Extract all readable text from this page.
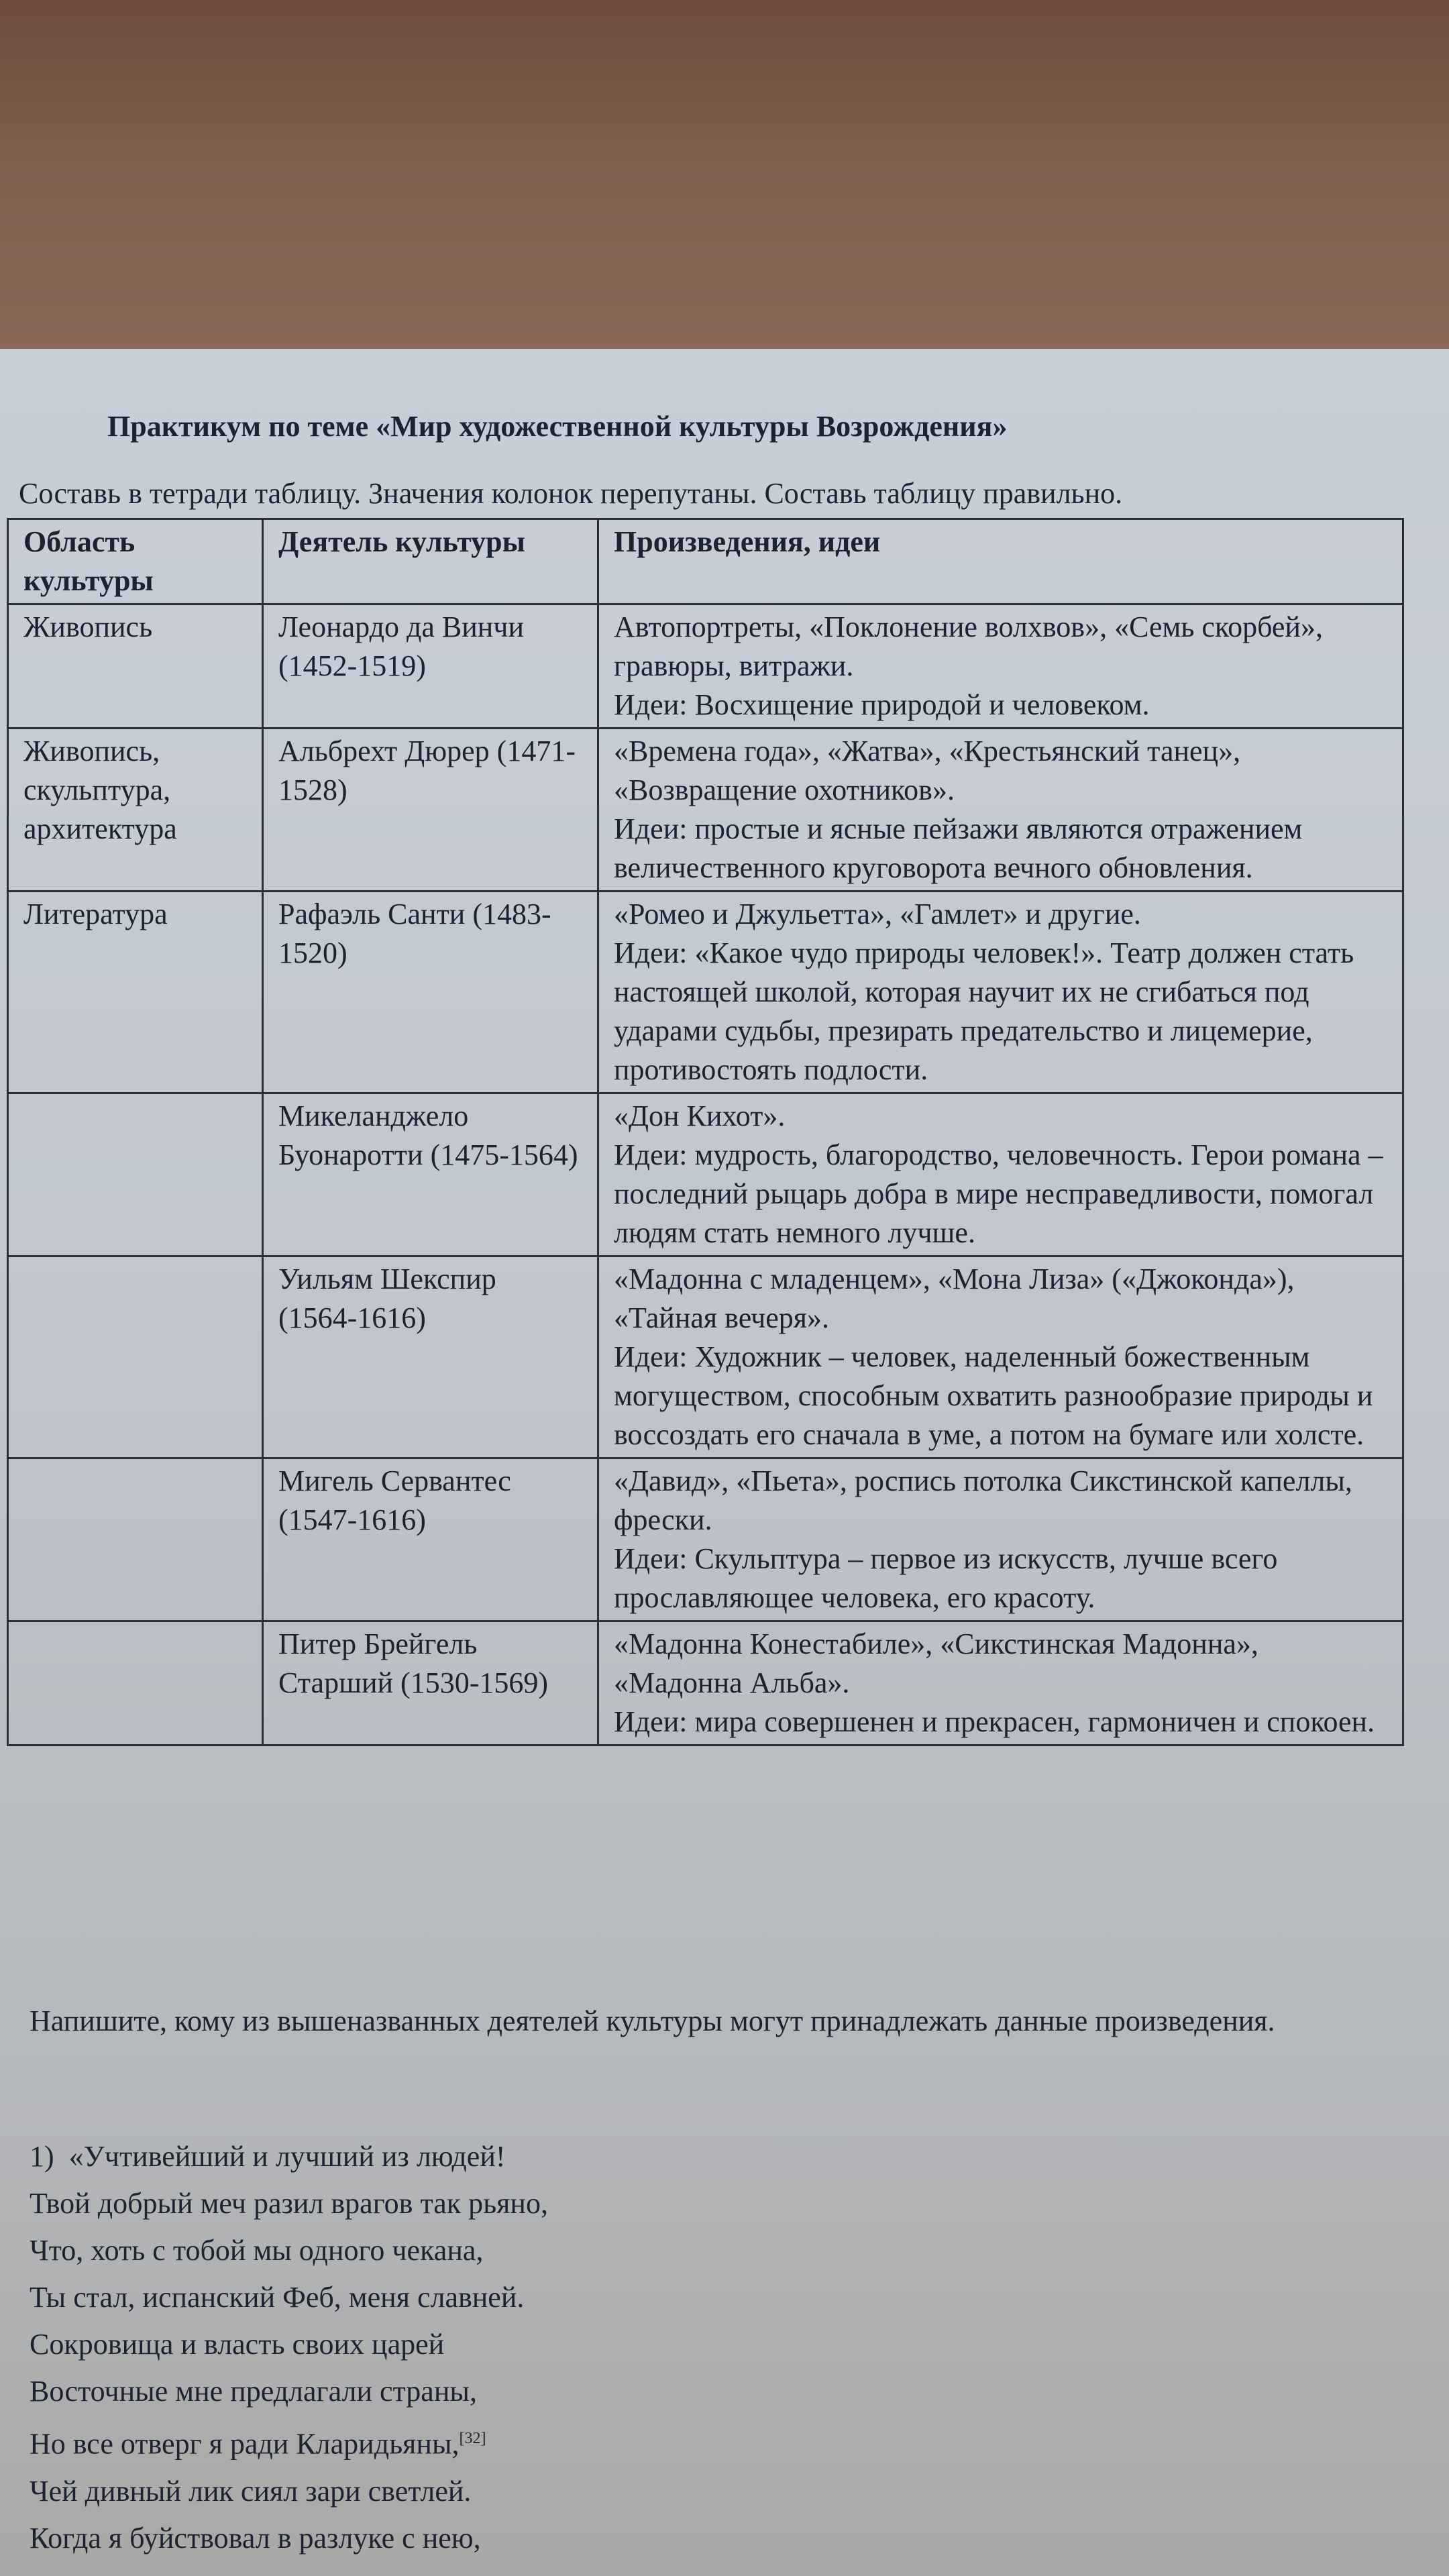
Практикум по теме «Мир художественной культуры Возрождения»
Составь в тетради таблицу. Значения колонок перепутаны. Составь таблицу правильно.
Область культуры	Деятель культуры	Произведения, идеи
Живопись	Леонардо да Винчи (1452-1519)	Автопортреты, «Поклонение волхвов», «Семь скорбей», гравюры, витражи.
Идеи: Восхищение природой и человеком.

Живопись, скульптура, архитектура	Альбрехт Дюрер (1471-1528)	«Времена года», «Жатва», «Крестьянский танец», «Возвращение охотников».
Идеи: простые и ясные пейзажи являются отражением величественного круговорота вечного обновления.

Литература	Рафаэль Санти (1483-1520)	«Ромео и Джульетта», «Гамлет» и другие.
Идеи: «Какое чудо природы человек!». Театр должен стать настоящей школой, которая научит их не сгибаться под ударами судьбы, презирать предательство и лицемерие, противостоять подлости.

	Микеланджело Буонаротти (1475-1564)	«Дон Кихот».
Идеи: мудрость, благородство, человечность. Герои романа – последний рыцарь добра в мире несправедливости, помогал людям стать немного лучше.

	Уильям Шекспир (1564-1616)	«Мадонна с младенцем», «Мона Лиза» («Джоконда»), «Тайная вечеря».
Идеи: Художник – человек, наделенный божественным могуществом, способным охватить разнообразие природы и воссоздать его сначала в уме, а потом на бумаге или холсте.

	Мигель Сервантес (1547-1616)	«Давид», «Пьета», роспись потолка Сикстинской капеллы, фрески.
Идеи: Скульптура – первое из искусств, лучше всего прославляющее человека, его красоту.

	Питер Брейгель Старший (1530-1569)	«Мадонна Конестабиле», «Сикстинская Мадонна», «Мадонна Альба».
Идеи: мира совершенен и прекрасен, гармоничен и спокоен.
Напишите, кому из вышеназванных деятелей культуры могут принадлежать данные произведения.
1) «Учтивейший и лучший из людей!
Твой добрый меч разил врагов так рьяно,
Что, хоть с тобой мы одного чекана,
Ты стал, испанский Феб, меня славней.
Сокровища и власть своих царей
Восточные мне предлагали страны,
Но все отверг я ради Кларидьяны,[32]
Чей дивный лик сиял зари светлей.
Когда я буйствовал в разлуке с нею,
